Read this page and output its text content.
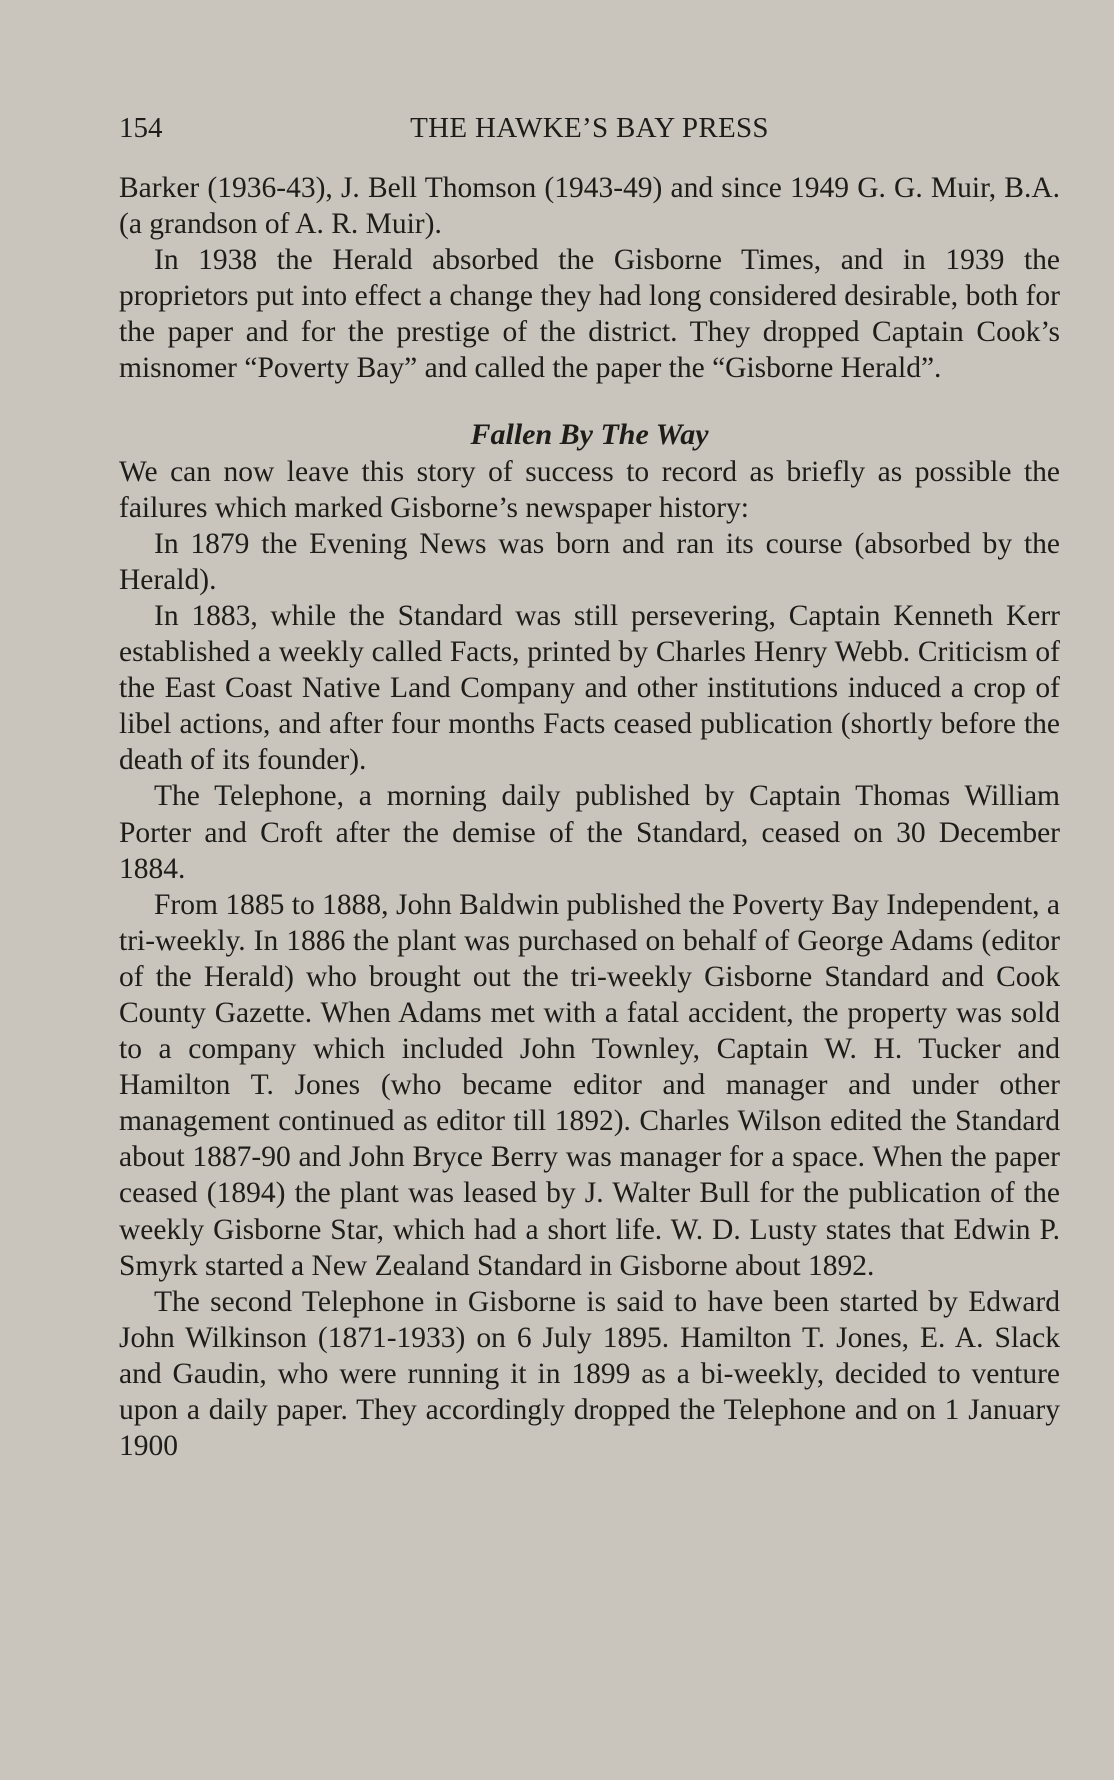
154	THE HAWKE’S BAY PRESS

Barker (1936-43), J. Bell Thomson (1943-49) and since 1949 G. G. Muir, B.A. (a grandson of A. R. Muir).

In 1938 the Herald absorbed the Gisborne Times, and in 1939 the proprietors put into effect a change they had long considered desirable, both for the paper and for the prestige of the district. They dropped Captain Cook’s misnomer “Poverty Bay” and called the paper the “Gisborne Herald”.

Fallen By The Way

We can now leave this story of success to record as briefly as possible the failures which marked Gisborne’s newspaper history:

In 1879 the Evening News was born and ran its course (absorbed by the Herald).

In 1883, while the Standard was still persevering, Captain Kenneth Kerr established a weekly called Facts, printed by Charles Henry Webb. Criticism of the East Coast Native Land Company and other institutions induced a crop of libel actions, and after four months Facts ceased publication (shortly before the death of its founder).

The Telephone, a morning daily published by Captain Thomas William Porter and Croft after the demise of the Standard, ceased on 30 December 1884.

From 1885 to 1888, John Baldwin published the Poverty Bay Independent, a tri-weekly. In 1886 the plant was purchased on behalf of George Adams (editor of the Herald) who brought out the tri-weekly Gisborne Standard and Cook County Gazette. When Adams met with a fatal accident, the property was sold to a company which included John Townley, Captain W. H. Tucker and Hamilton T. Jones (who became editor and manager and under other management continued as editor till 1892). Charles Wilson edited the Standard about 1887-90 and John Bryce Berry was manager for a space. When the paper ceased (1894) the plant was leased by J. Walter Bull for the publication of the weekly Gisborne Star, which had a short life. W. D. Lusty states that Edwin P. Smyrk started a New Zealand Standard in Gisborne about 1892.

The second Telephone in Gisborne is said to have been started by Edward John Wilkinson (1871-1933) on 6 July 1895. Hamilton T. Jones, E. A. Slack and Gaudin, who were running it in 1899 as a bi-weekly, decided to venture upon a daily paper. They accordingly dropped the Telephone and on 1 January 1900
